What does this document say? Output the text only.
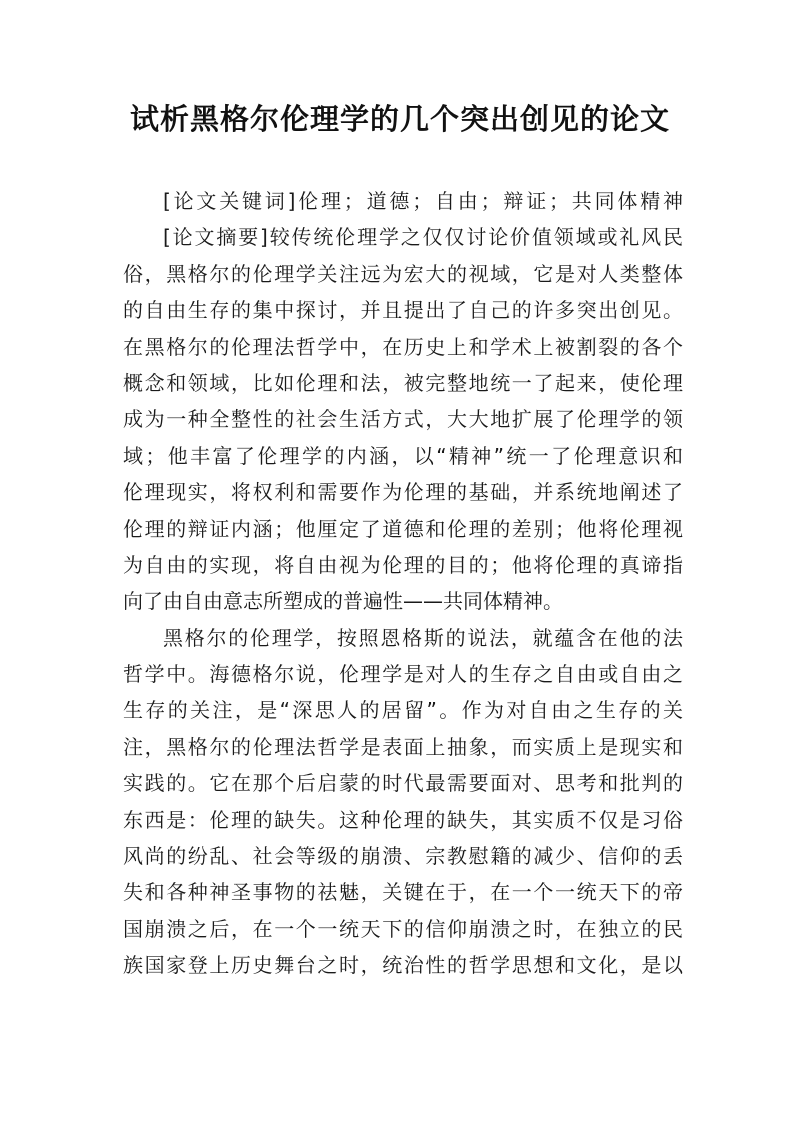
试析黑格尔伦理学的几个突出创见的论文
[论文关键词]伦理；道德；自由；辩证；共同体精神
[论文摘要]较传统伦理学之仅仅讨论价值领域或礼风民
俗，黑格尔的伦理学关注远为宏大的视域，它是对人类整体
的自由生存的集中探讨，并且提出了自己的许多突出创见。
在黑格尔的伦理法哲学中，在历史上和学术上被割裂的各个
概念和领域，比如伦理和法，被完整地统一了起来，使伦理
成为一种全整性的社会生活方式，大大地扩展了伦理学的领
域；他丰富了伦理学的内涵，以“精神”统一了伦理意识和
伦理现实，将权利和需要作为伦理的基础，并系统地阐述了
伦理的辩证内涵；他厘定了道德和伦理的差别；他将伦理视
为自由的实现，将自由视为伦理的目的；他将伦理的真谛指
向了由自由意志所塑成的普遍性——共同体精神。
黑格尔的伦理学，按照恩格斯的说法，就蕴含在他的法
哲学中。海德格尔说，伦理学是对人的生存之自由或自由之
生存的关注，是“深思人的居留”。作为对自由之生存的关
注，黑格尔的伦理法哲学是表面上抽象，而实质上是现实和
实践的。它在那个后启蒙的时代最需要面对、思考和批判的
东西是：伦理的缺失。这种伦理的缺失，其实质不仅是习俗
风尚的纷乱、社会等级的崩溃、宗教慰籍的减少、信仰的丢
失和各种神圣事物的祛魅，关键在于，在一个一统天下的帝
国崩溃之后，在一个一统天下的信仰崩溃之时，在独立的民
族国家登上历史舞台之时，统治性的哲学思想和文化，是以
